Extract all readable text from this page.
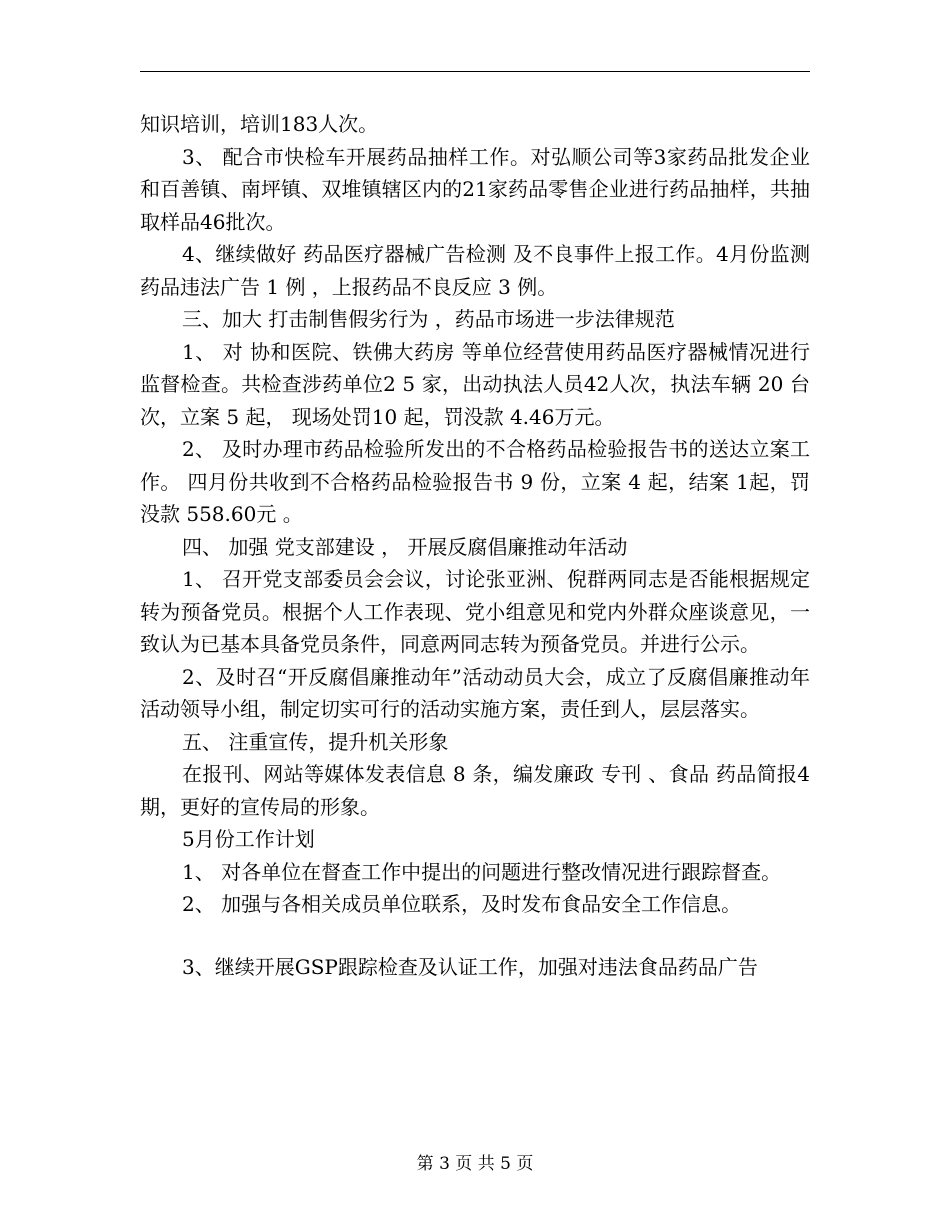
知识培训，培训183人次。

3、 配合市快检车开展药品抽样工作。对弘顺公司等3家药品批发企业和百善镇、南坪镇、双堆镇辖区内的21家药品零售企业进行药品抽样，共抽取样品46批次。

4、继续做好 药品医疗器械广告检测 及不良事件上报工作。4月份监测 药品违法广告 1 例 ，上报药品不良反应 3 例。

三、加大 打击制售假劣行为 ，药品市场进一步法律规范

1、 对 协和医院、铁佛大药房 等单位经营使用药品医疗器械情况进行监督检查。共检查涉药单位2 5 家，出动执法人员42人次，执法车辆 20 台次，立案 5 起， 现场处罚10 起，罚没款 4.46万元。

2、 及时办理市药品检验所发出的不合格药品检验报告书的送达立案工作。 四月份共收到不合格药品检验报告书 9 份，立案 4 起，结案 1起，罚没款 558.60元 。

四、 加强 党支部建设 ， 开展反腐倡廉推动年活动

1、 召开党支部委员会会议，讨论张亚洲、倪群两同志是否能根据规定转为预备党员。根据个人工作表现、党小组意见和党内外群众座谈意见，一致认为已基本具备党员条件，同意两同志转为预备党员。并进行公示。

2、及时召“开反腐倡廉推动年”活动动员大会，成立了反腐倡廉推动年活动领导小组，制定切实可行的活动实施方案，责任到人，层层落实。

五、 注重宣传，提升机关形象

在报刊、网站等媒体发表信息 8 条，编发廉政 专刊 、食品 药品简报4 期，更好的宣传局的形象。

5月份工作计划

1、 对各单位在督查工作中提出的问题进行整改情况进行跟踪督查。

2、 加强与各相关成员单位联系，及时发布食品安全工作信息。

3、继续开展GSP跟踪检查及认证工作，加强对违法食品药品广告

第 3 页 共 5 页
